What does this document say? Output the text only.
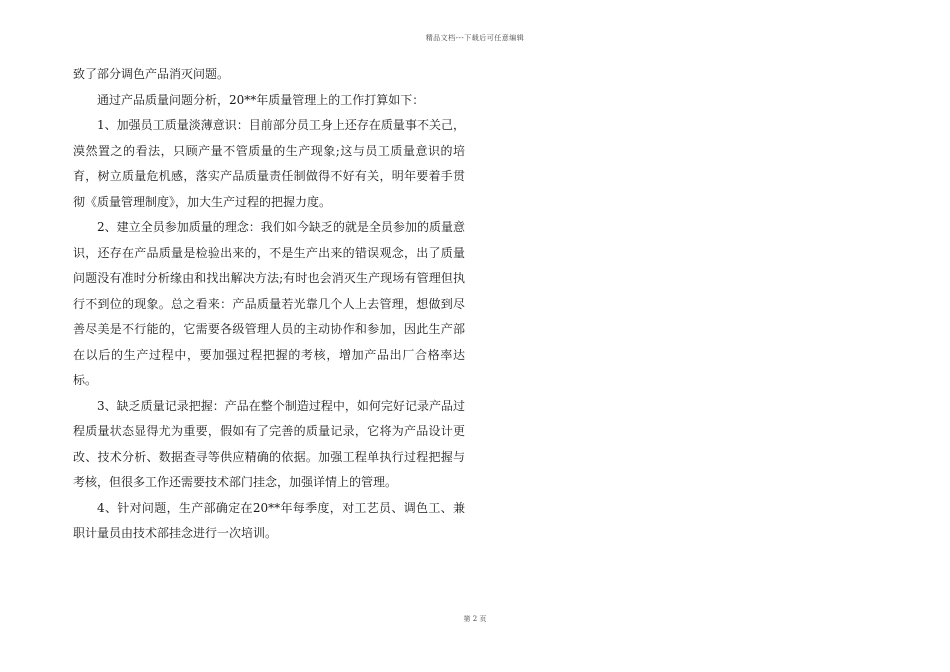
精品文档---下载后可任意编辑

致了部分调色产品消灭问题。

通过产品质量问题分析，20**年质量管理上的工作打算如下：

1、加强员工质量淡薄意识：目前部分员工身上还存在质量事不关己，漠然置之的看法，只顾产量不管质量的生产现象;这与员工质量意识的培育，树立质量危机感，落实产品质量责任制做得不好有关，明年要着手贯彻《质量管理制度》，加大生产过程的把握力度。

2、建立全员参加质量的理念：我们如今缺乏的就是全员参加的质量意识，还存在产品质量是检验出来的，不是生产出来的错误观念，出了质量问题没有准时分析缘由和找出解决方法;有时也会消灭生产现场有管理但执行不到位的现象。总之看来：产品质量若光靠几个人上去管理，想做到尽善尽美是不行能的，它需要各级管理人员的主动协作和参加，因此生产部在以后的生产过程中，要加强过程把握的考核，增加产品出厂合格率达标。

3、缺乏质量记录把握：产品在整个制造过程中，如何完好记录产品过程质量状态显得尤为重要，假如有了完善的质量记录，它将为产品设计更改、技术分析、数据查寻等供应精确的依据。加强工程单执行过程把握与考核，但很多工作还需要技术部门挂念，加强详情上的管理。

4、针对问题，生产部确定在20**年每季度，对工艺员、调色工、兼职计量员由技术部挂念进行一次培训。

第 2 页
